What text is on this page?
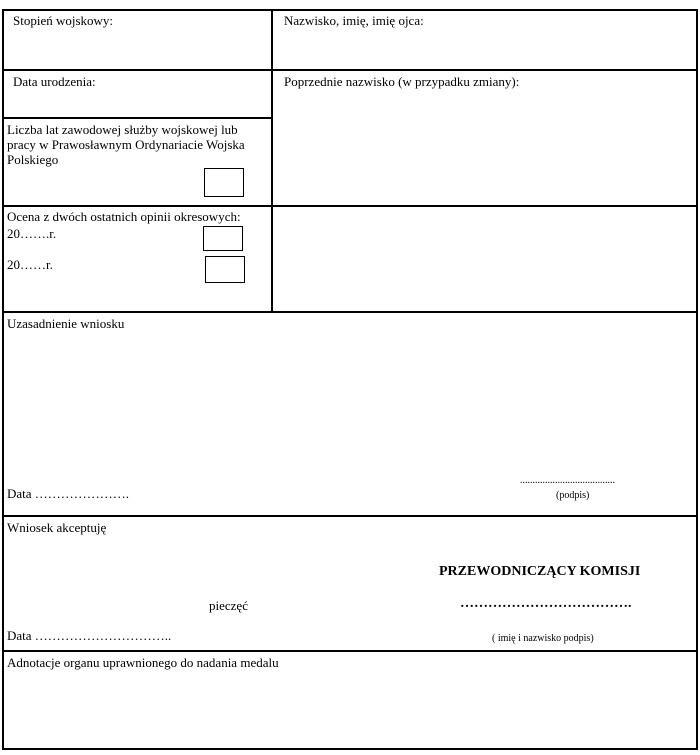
Stopień wojskowy:	Nazwisko, imię, imię ojca:
Data urodzenia:	Poprzednie nazwisko (w przypadku zmiany):
Liczba lat zawodowej służby wojskowej lub pracy w Prawosławnym Ordynariacie Wojska Polskiego
Ocena z dwóch ostatnich opinii okresowych:
20…….r.
20……r.
Uzasadnienie wniosku
Data ………………….
......................................
(podpis)
Wniosek akceptuję
PRZEWODNICZĄCY KOMISJI
pieczęć	……………………………….
Data …………………………..	( imię i nazwisko podpis)
Adnotacje organu uprawnionego do nadania medalu
